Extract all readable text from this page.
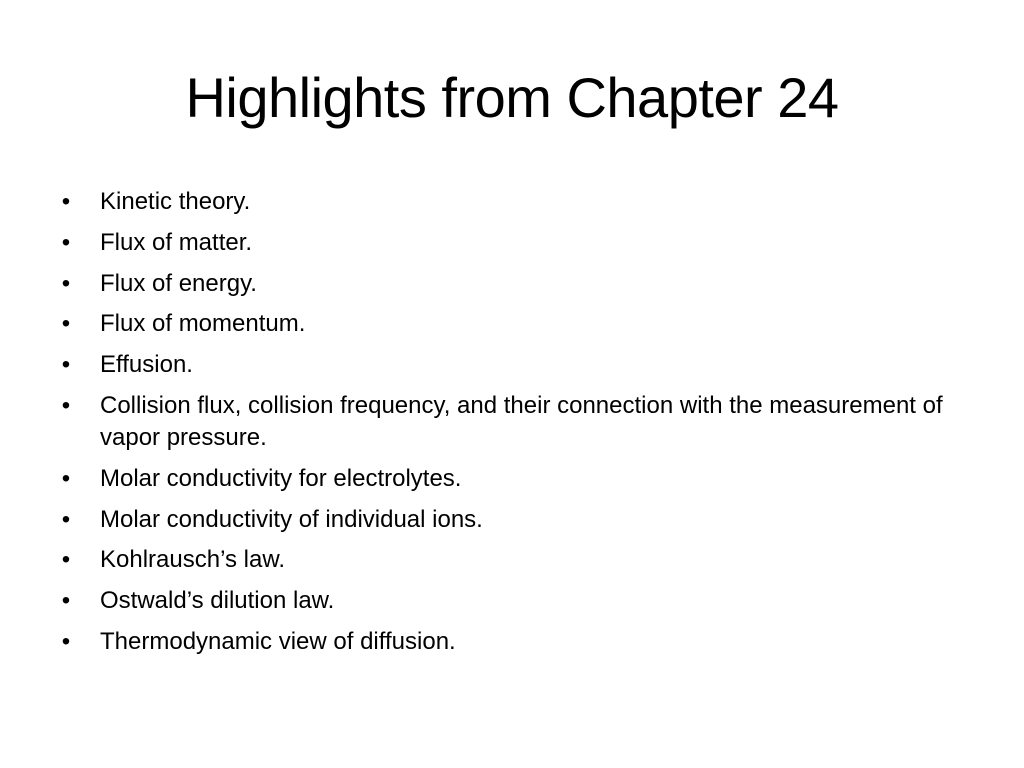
Highlights from Chapter 24
• Kinetic theory.
• Flux of matter.
• Flux of energy.
• Flux of momentum.
• Effusion.
• Collision flux, collision frequency, and their connection with the measurement of vapor pressure.
• Molar conductivity for electrolytes.
• Molar conductivity of individual ions.
• Kohlrausch’s law.
• Ostwald’s dilution law.
• Thermodynamic view of diffusion.
